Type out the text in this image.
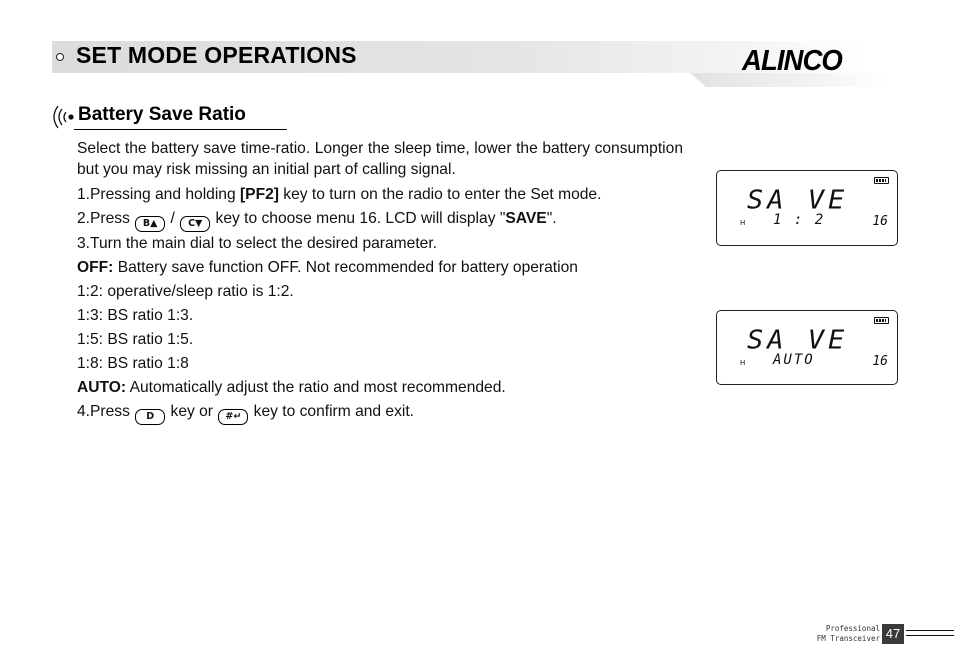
SET MODE OPERATIONS	ALINCO
Battery Save Ratio

Select the battery save time-ratio. Longer the sleep time, lower the battery consumption but you may risk missing an initial part of calling signal.

1.Pressing and holding [PF2] key to turn on the radio to enter the Set mode.

2.Press B▲ / C▼ key to choose menu 16. LCD will display "SAVE".

3.Turn the main dial to select the desired parameter.

OFF: Battery save function OFF. Not recommended for battery operation

1:2: operative/sleep ratio is 1:2.

1:3: BS ratio 1:3.

1:5: BS ratio 1:5.

1:8: BS ratio 1:8

AUTO: Automatically adjust the ratio and most recommended.

4.Press D key or #↵ key to confirm and exit.

SA VE
H 1 : 2	16
SA VE
H AUTO	16
Professional
FM Transceiver 47
